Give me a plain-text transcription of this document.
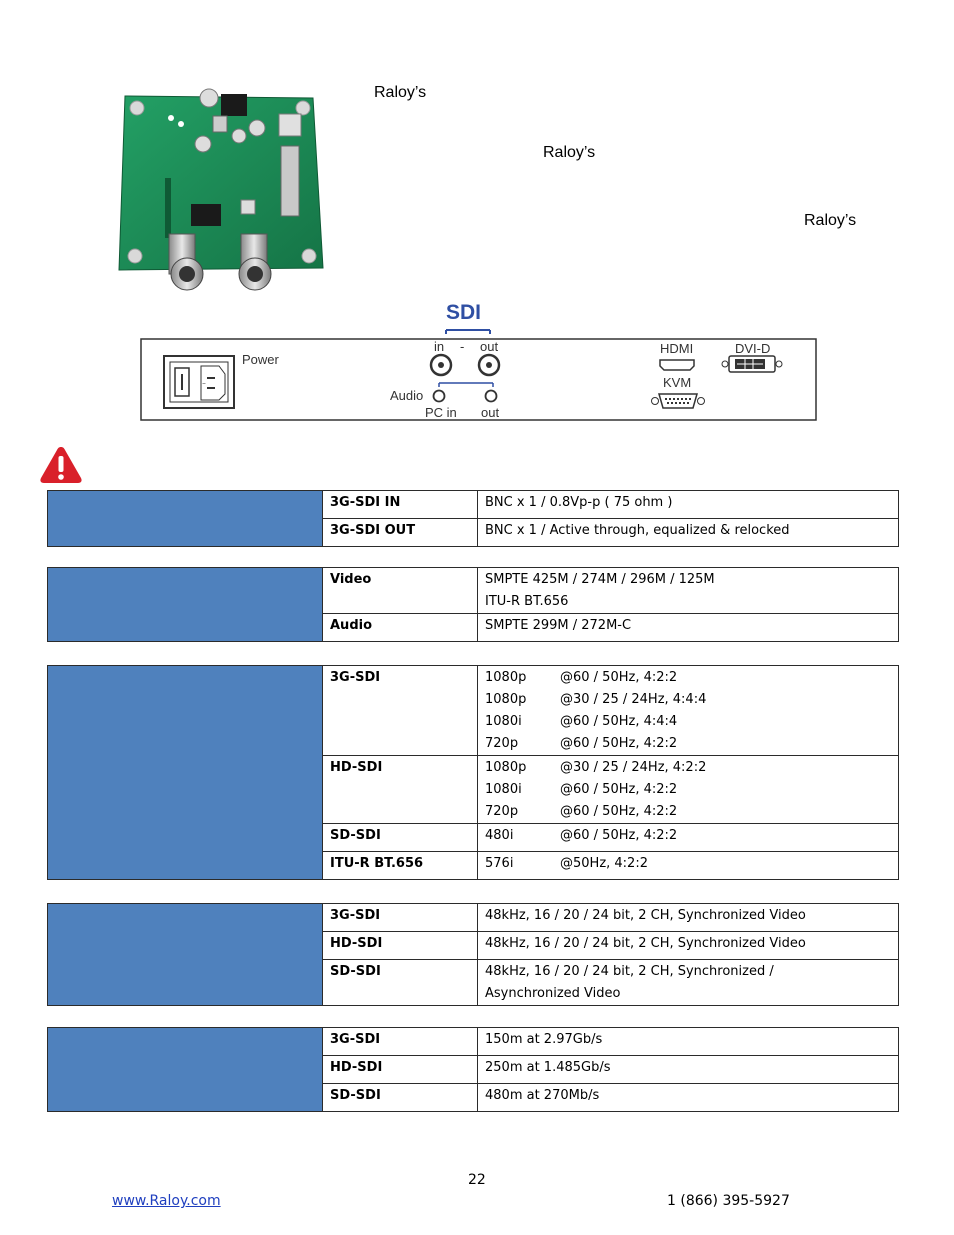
Raloy’s
Raloy’s
Raloy’s
Power
SDI
in - out
Audio
PC in out
HDMI	DVI-D
KVM
	3G-SDI IN	BNC x 1 / 0.8Vp-p ( 75 ohm )
	3G-SDI OUT	BNC x 1 / Active through, equalized & relocked
	Video	SMPTE 425M / 274M / 296M / 125M
ITU-R BT.656

	Audio	SMPTE 299M / 272M-C
	3G-SDI	1080p @60 / 50Hz, 4:2:2
1080p @30 / 25 / 24Hz, 4:4:4
1080i @60 / 50Hz, 4:4:4
720p @60 / 50Hz, 4:2:2

	HD-SDI	1080p @30 / 25 / 24Hz, 4:2:2
1080i @60 / 50Hz, 4:2:2
720p @60 / 50Hz, 4:2:2

	SD-SDI	480i @60 / 50Hz, 4:2:2

	ITU-R BT.656	576i @50Hz, 4:2:2
	3G-SDI	48kHz, 16 / 20 / 24 bit, 2 CH, Synchronized Video
	HD-SDI	48kHz, 16 / 20 / 24 bit, 2 CH, Synchronized Video
	SD-SDI	48kHz, 16 / 20 / 24 bit, 2 CH, Synchronized /
Asynchronized Video
	3G-SDI	150m at 2.97Gb/s
	HD-SDI	250m at 1.485Gb/s
	SD-SDI	480m at 270Mb/s
22
www.Raloy.com	1 (866) 395-5927
